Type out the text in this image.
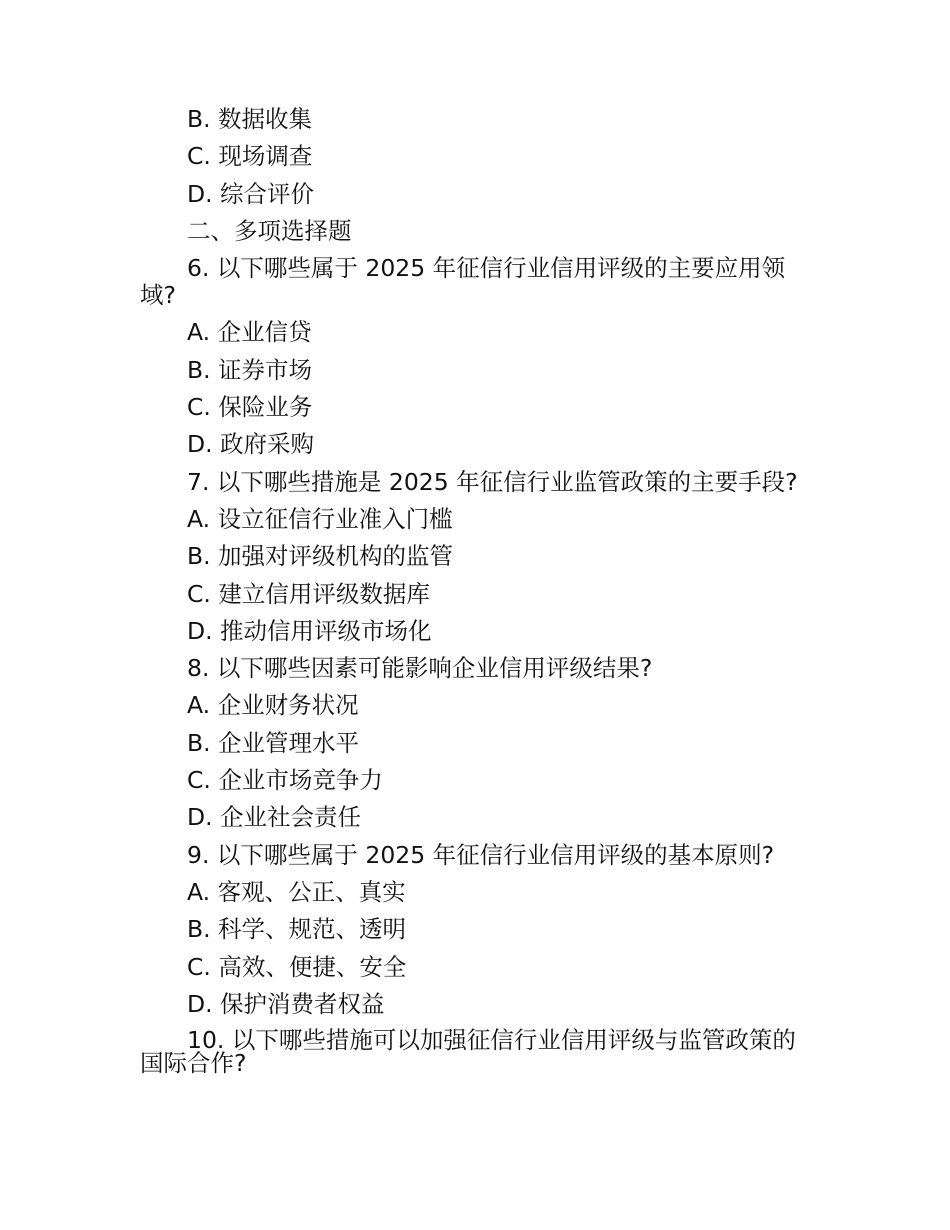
B. 数据收集
C. 现场调查
D. 综合评价
二、多项选择题
6. 以下哪些属于 2025 年征信行业信用评级的主要应用领域?
A. 企业信贷
B. 证券市场
C. 保险业务
D. 政府采购
7. 以下哪些措施是 2025 年征信行业监管政策的主要手段?
A. 设立征信行业准入门槛
B. 加强对评级机构的监管
C. 建立信用评级数据库
D. 推动信用评级市场化
8. 以下哪些因素可能影响企业信用评级结果?
A. 企业财务状况
B. 企业管理水平
C. 企业市场竞争力
D. 企业社会责任
9. 以下哪些属于 2025 年征信行业信用评级的基本原则?
A. 客观、公正、真实
B. 科学、规范、透明
C. 高效、便捷、安全
D. 保护消费者权益
10. 以下哪些措施可以加强征信行业信用评级与监管政策的国际合作?
